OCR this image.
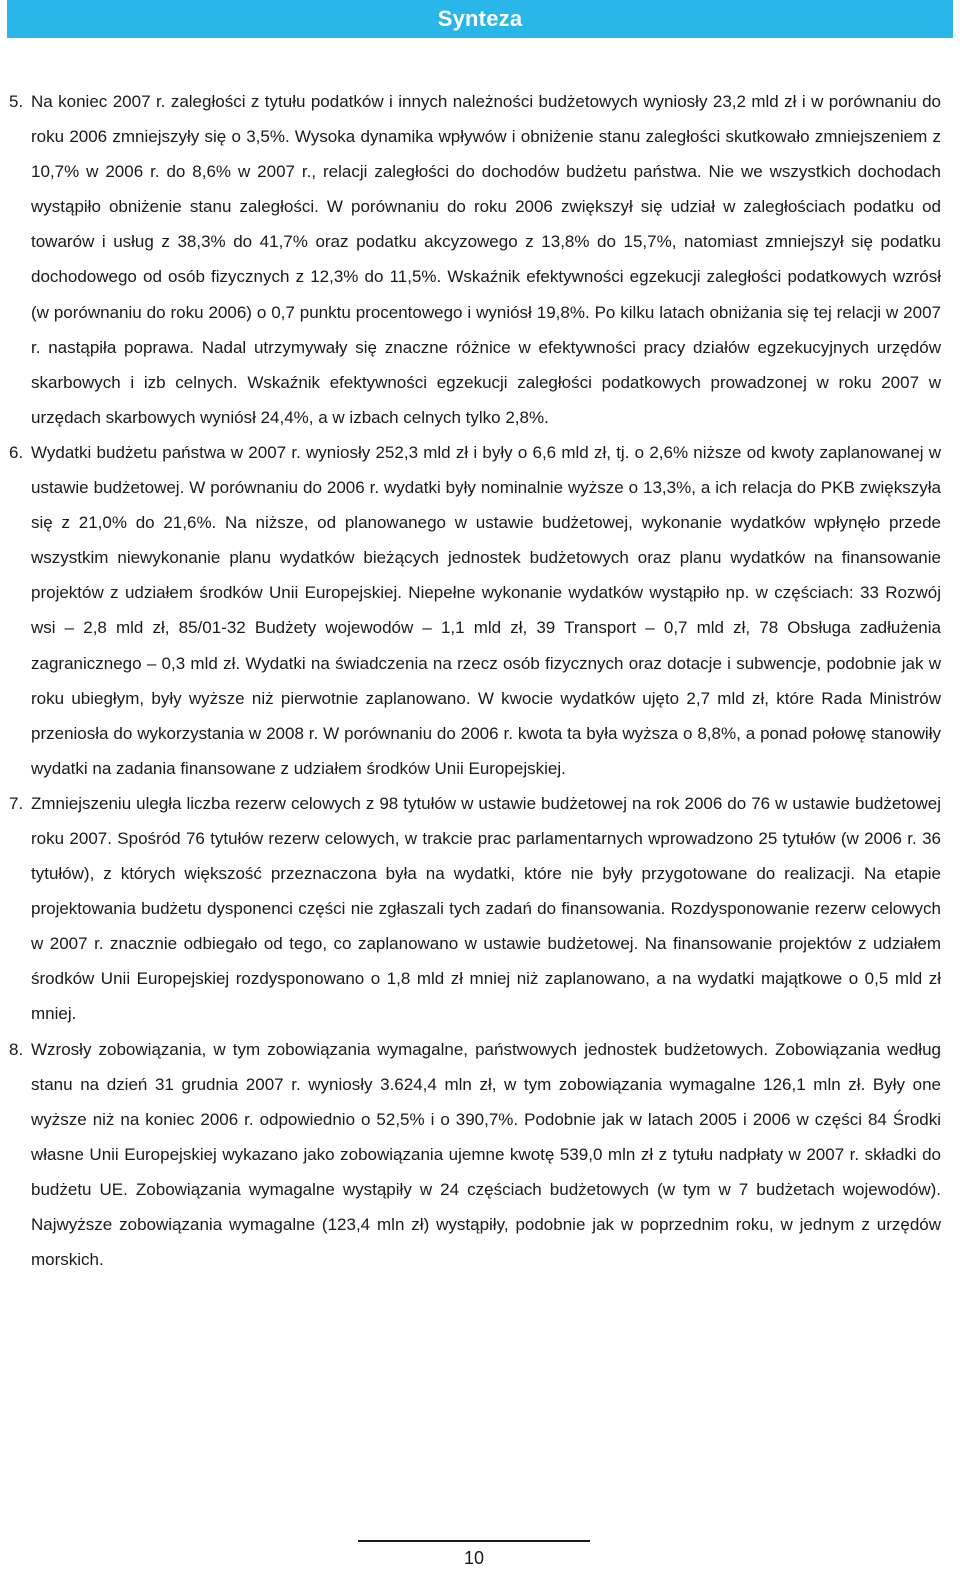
Synteza
5. Na koniec 2007 r. zaległości z tytułu podatków i innych należności budżetowych wyniosły 23,2 mld zł i w porównaniu do roku 2006 zmniejszyły się o 3,5%. Wysoka dynamika wpływów i obniżenie stanu zaległości skutkowało zmniejszeniem z 10,7% w 2006 r. do 8,6% w 2007 r., relacji zaległości do dochodów budżetu państwa. Nie we wszystkich dochodach wystąpiło obniżenie stanu zaległości. W porównaniu do roku 2006 zwiększył się udział w zaległościach podatku od towarów i usług z 38,3% do 41,7% oraz podatku akcyzowego z 13,8% do 15,7%, natomiast zmniejszył się podatku dochodowego od osób fizycznych z 12,3% do 11,5%. Wskaźnik efektywności egzekucji zaległości podatkowych wzrósł (w porównaniu do roku 2006) o 0,7 punktu procentowego i wyniósł 19,8%. Po kilku latach obniżania się tej relacji w 2007 r. nastąpiła poprawa. Nadal utrzymywały się znaczne różnice w efektywności pracy działów egzekucyjnych urzędów skarbowych i izb celnych. Wskaźnik efektywności egzekucji zaległości podatkowych prowadzonej w roku 2007 w urzędach skarbowych wyniósł 24,4%, a w izbach celnych tylko 2,8%.
6. Wydatki budżetu państwa w 2007 r. wyniosły 252,3 mld zł i były o 6,6 mld zł, tj. o 2,6% niższe od kwoty zaplanowanej w ustawie budżetowej. W porównaniu do 2006 r. wydatki były nominalnie wyższe o 13,3%, a ich relacja do PKB zwiększyła się z 21,0% do 21,6%. Na niższe, od planowanego w ustawie budżetowej, wykonanie wydatków wpłynęło przede wszystkim niewykonanie planu wydatków bieżących jednostek budżetowych oraz planu wydatków na finansowanie projektów z udziałem środków Unii Europejskiej. Niepełne wykonanie wydatków wystąpiło np. w częściach: 33 Rozwój wsi – 2,8 mld zł, 85/01-32 Budżety wojewodów – 1,1 mld zł, 39 Transport – 0,7 mld zł, 78 Obsługa zadłużenia zagranicznego – 0,3 mld zł. Wydatki na świadczenia na rzecz osób fizycznych oraz dotacje i subwencje, podobnie jak w roku ubiegłym, były wyższe niż pierwotnie zaplanowano. W kwocie wydatków ujęto 2,7 mld zł, które Rada Ministrów przeniosła do wykorzystania w 2008 r. W porównaniu do 2006 r. kwota ta była wyższa o 8,8%, a ponad połowę stanowiły wydatki na zadania finansowane z udziałem środków Unii Europejskiej.
7. Zmniejszeniu uległa liczba rezerw celowych z 98 tytułów w ustawie budżetowej na rok 2006 do 76 w ustawie budżetowej roku 2007. Spośród 76 tytułów rezerw celowych, w trakcie prac parlamentarnych wprowadzono 25 tytułów (w 2006 r. 36 tytułów), z których większość przeznaczona była na wydatki, które nie były przygotowane do realizacji. Na etapie projektowania budżetu dysponenci części nie zgłaszali tych zadań do finansowania. Rozdysponowanie rezerw celowych w 2007 r. znacznie odbiegało od tego, co zaplanowano w ustawie budżetowej. Na finansowanie projektów z udziałem środków Unii Europejskiej rozdysponowano o 1,8 mld zł mniej niż zaplanowano, a na wydatki majątkowe o 0,5 mld zł mniej.
8. Wzrosły zobowiązania, w tym zobowiązania wymagalne, państwowych jednostek budżetowych. Zobowiązania według stanu na dzień 31 grudnia 2007 r. wyniosły 3.624,4 mln zł, w tym zobowiązania wymagalne 126,1 mln zł. Były one wyższe niż na koniec 2006 r. odpowiednio o 52,5% i o 390,7%. Podobnie jak w latach 2005 i 2006 w części 84 Środki własne Unii Europejskiej wykazano jako zobowiązania ujemne kwotę 539,0 mln zł z tytułu nadpłaty w 2007 r. składki do budżetu UE. Zobowiązania wymagalne wystąpiły w 24 częściach budżetowych (w tym w 7 budżetach wojewodów). Najwyższe zobowiązania wymagalne (123,4 mln zł) wystąpiły, podobnie jak w poprzednim roku, w jednym z urzędów morskich.
10
